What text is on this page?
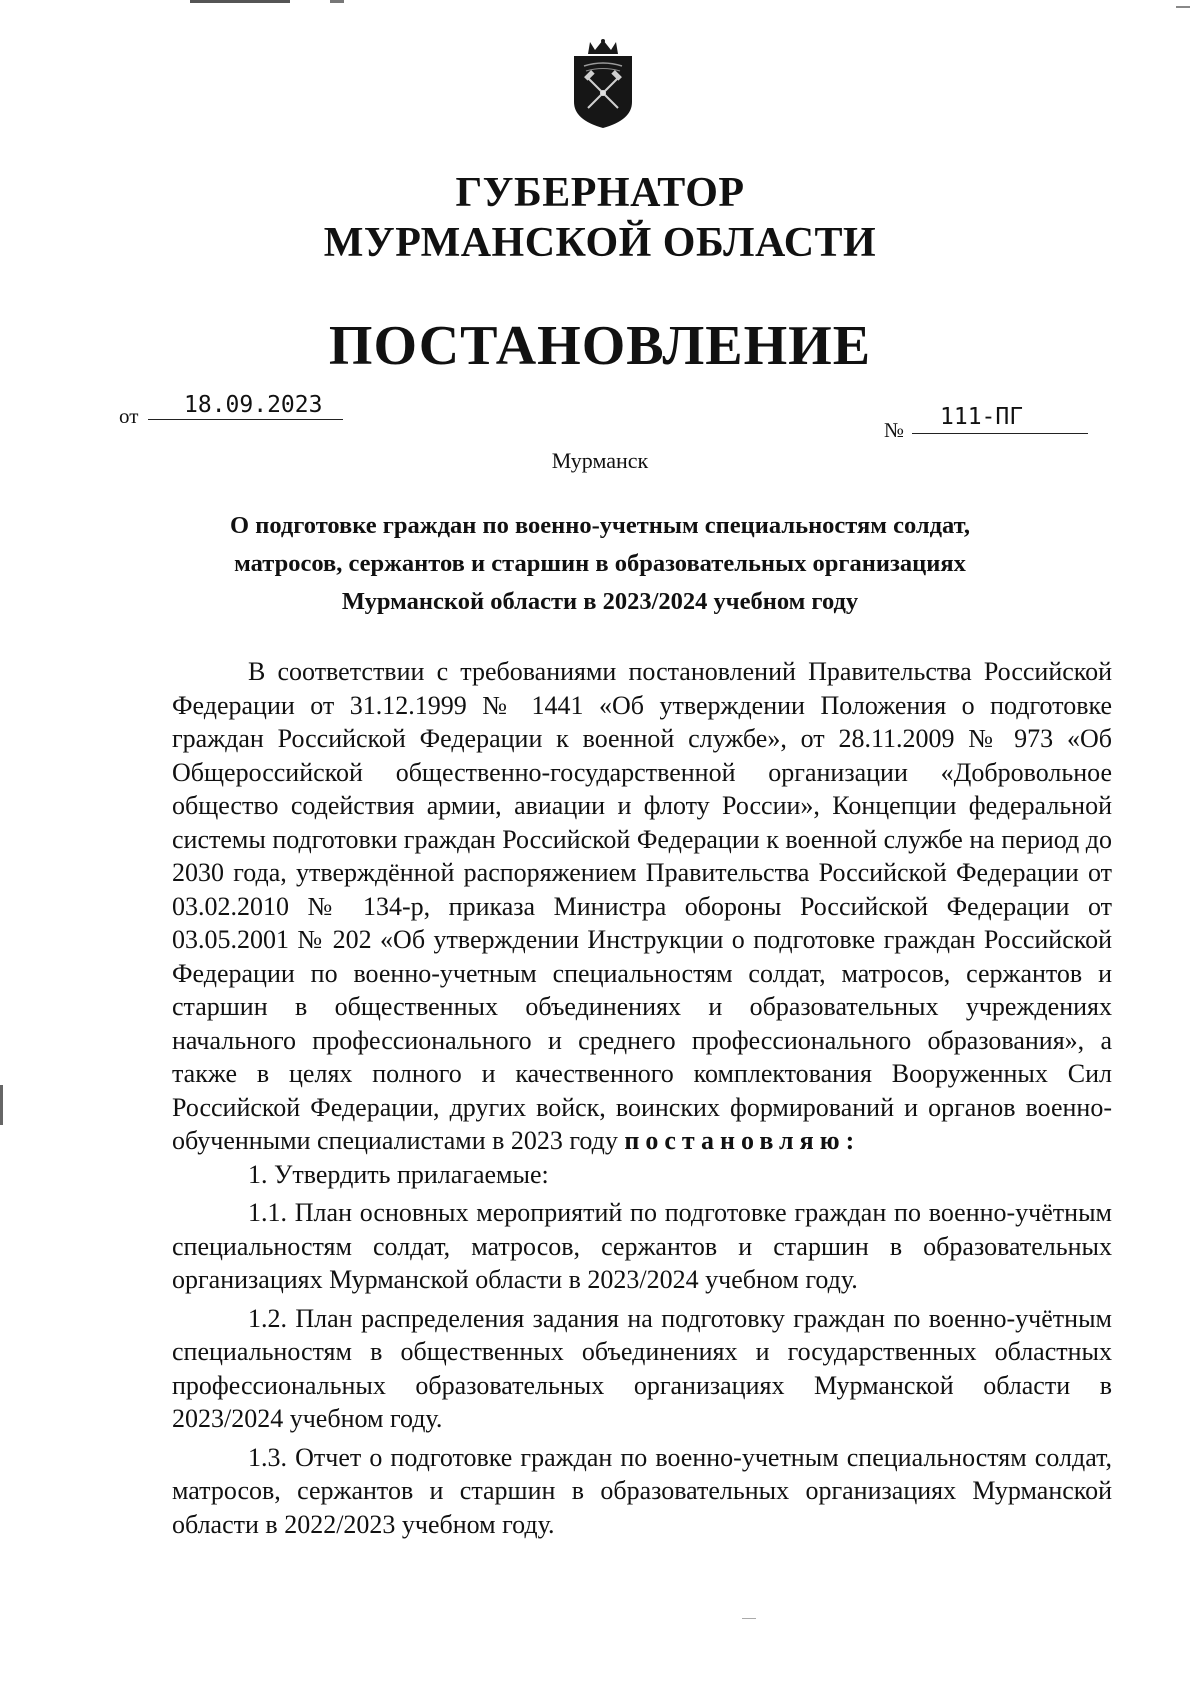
ГУБЕРНАТОР
МУРМАНСКОЙ ОБЛАСТИ
ПОСТАНОВЛЕНИЕ
от	18.09.2023
№	111-ПГ
Мурманск
О подготовке граждан по военно-учетным специальностям солдат, матросов, сержантов и старшин в образовательных организациях Мурманской области в 2023/2024 учебном году

В соответствии с требованиями постановлений Правительства Российской Федерации от 31.12.1999 № 1441 «Об утверждении Положения о подготовке граждан Российской Федерации к военной службе», от 28.11.2009 № 973 «Об Общероссийской общественно-государственной организации «Добровольное общество содействия армии, авиации и флоту России», Концепции федеральной системы подготовки граждан Российской Федерации к военной службе на период до 2030 года, утверждённой распоряжением Правительства Российской Федерации от 03.02.2010 № 134-р, приказа Министра обороны Российской Федерации от 03.05.2001 № 202 «Об утверждении Инструкции о подготовке граждан Российской Федерации по военно-учетным специальностям солдат, матросов, сержантов и старшин в общественных объединениях и образовательных учреждениях начального профессионального и среднего профессионального образования», а также в целях полного и качественного комплектования Вооруженных Сил Российской Федерации, других войск, воинских формирований и органов военно-обученными специалистами в 2023 году постановляю:

1. Утвердить прилагаемые:

1.1. План основных мероприятий по подготовке граждан по военно-учётным специальностям солдат, матросов, сержантов и старшин в образовательных организациях Мурманской области в 2023/2024 учебном году.

1.2. План распределения задания на подготовку граждан по военно-учётным специальностям в общественных объединениях и государственных областных профессиональных образовательных организациях Мурманской области в 2023/2024 учебном году.

1.3. Отчет о подготовке граждан по военно-учетным специальностям солдат, матросов, сержантов и старшин в образовательных организациях Мурманской области в 2022/2023 учебном году.
